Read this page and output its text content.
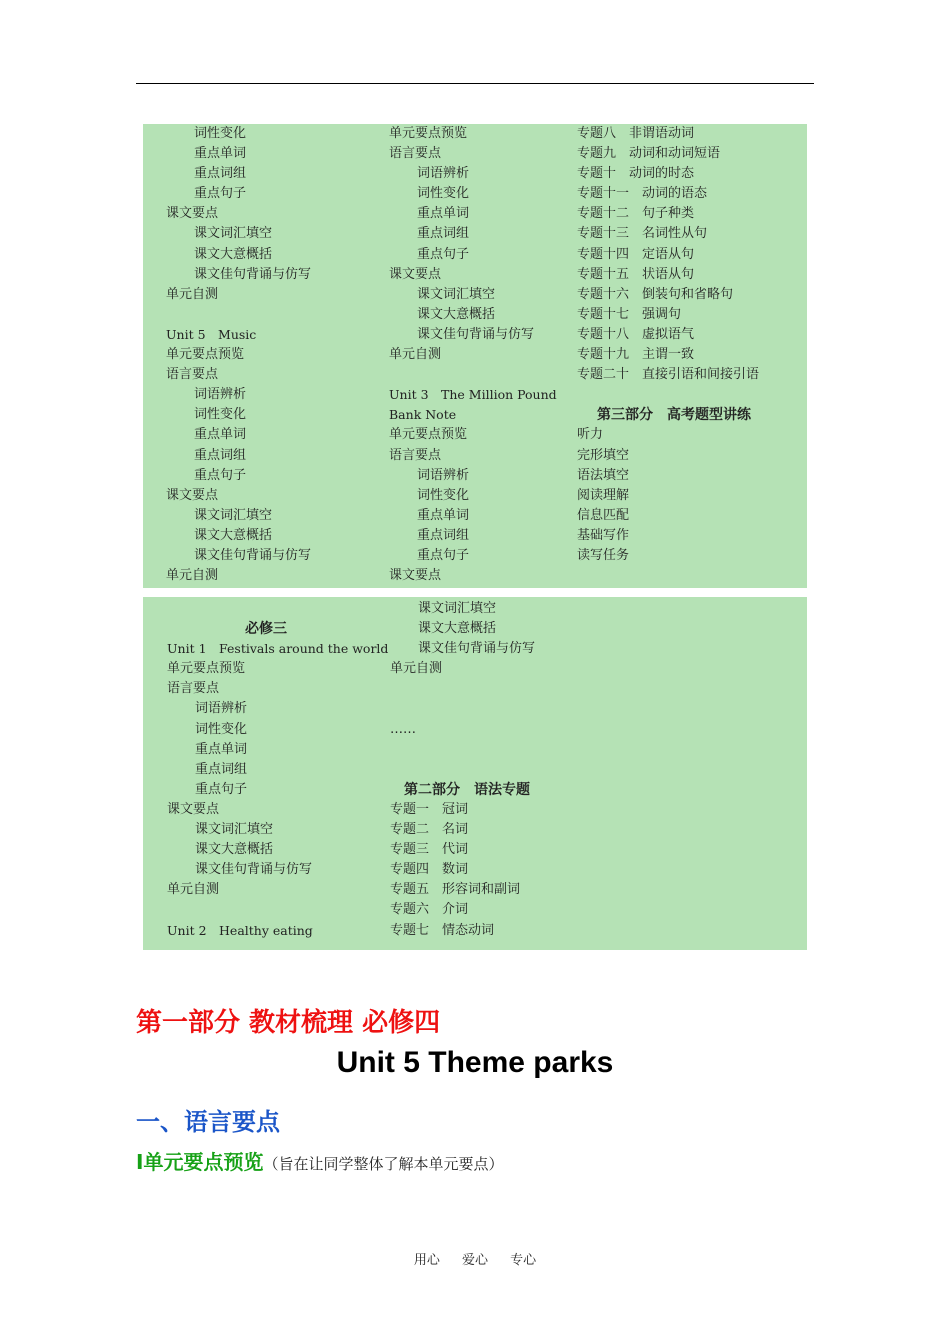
词性变化
重点单词
重点词组
重点句子
课文要点
课文词汇填空
课文大意概括
课文佳句背诵与仿写
单元自测
Unit 5　Music
单元要点预览
语言要点
词语辨析
词性变化
重点单词
重点词组
重点句子
课文要点
课文词汇填空
课文大意概括
课文佳句背诵与仿写
单元自测
单元要点预览
语言要点
词语辨析
词性变化
重点单词
重点词组
重点句子
课文要点
课文词汇填空
课文大意概括
课文佳句背诵与仿写
单元自测
Unit 3　The Million Pound
Bank Note
单元要点预览
语言要点
词语辨析
词性变化
重点单词
重点词组
重点句子
课文要点
专题八　非谓语动词
专题九　动词和动词短语
专题十　动词的时态
专题十一　动词的语态
专题十二　句子种类
专题十三　名词性从句
专题十四　定语从句
专题十五　状语从句
专题十六　倒装句和省略句
专题十七　强调句
专题十八　虚拟语气
专题十九　主谓一致
专题二十　直接引语和间接引语
第三部分　高考题型讲练
听力
完形填空
语法填空
阅读理解
信息匹配
基础写作
读写任务
必修三
Unit 1　Festivals around the world
单元要点预览
语言要点
词语辨析
词性变化
重点单词
重点词组
重点句子
课文要点
课文词汇填空
课文大意概括
课文佳句背诵与仿写
单元自测
Unit 2　Healthy eating
课文词汇填空
课文大意概括
课文佳句背诵与仿写
单元自测
……
第二部分　语法专题
专题一　冠词
专题二　名词
专题三　代词
专题四　数词
专题五　形容词和副词
专题六　介词
专题七　情态动词
第一部分 教材梳理 必修四
Unit 5 Theme parks
一、语言要点
Ⅰ单元要点预览（旨在让同学整体了解本单元要点）
用心 爱心 专心
